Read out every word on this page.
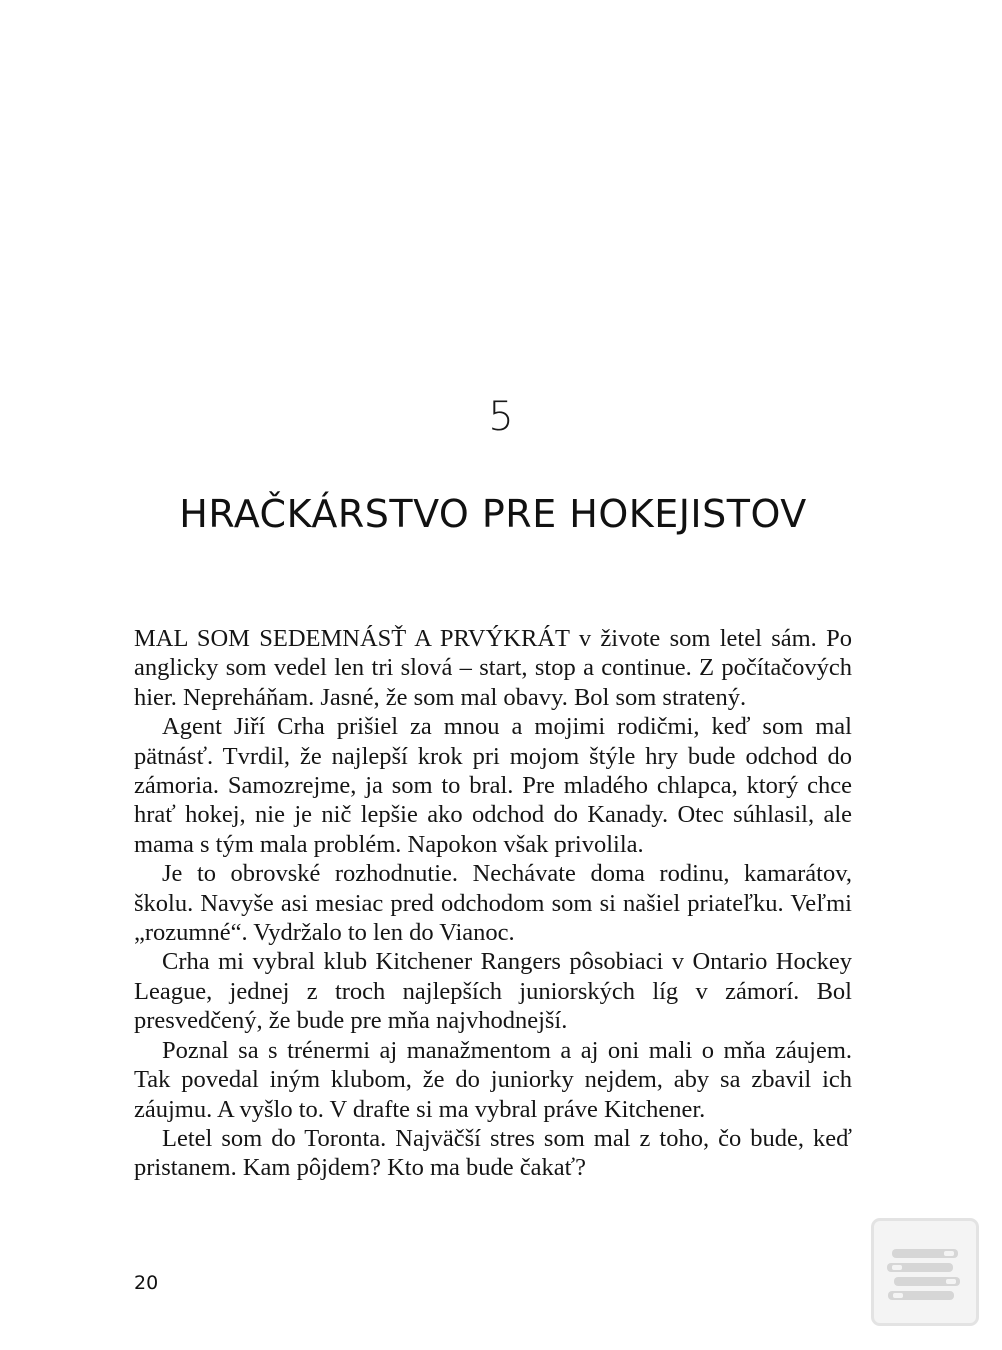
5
HRAČKÁRSTVO PRE HOKEJISTOV

MAL SOM SEDEMNÁSŤ A PRVÝKRÁT v živote som letel sám. Po anglicky som vedel len tri slová – start, stop a continue. Z počítačových hier. Nepreháňam. Jasné, že som mal obavy. Bol som stratený.

Agent Jiří Crha prišiel za mnou a mojimi rodičmi, keď som mal pätnásť. Tvrdil, že najlepší krok pri mojom štýle hry bude odchod do zámoria. Samozrejme, ja som to bral. Pre mladého chlapca, ktorý chce hrať hokej, nie je nič lepšie ako odchod do Kanady. Otec súhlasil, ale mama s tým mala problém. Napokon však privolila.

Je to obrovské rozhodnutie. Nechávate doma rodinu, kamarátov, školu. Navyše asi mesiac pred odchodom som si našiel priateľku. Veľmi „rozumné“. Vydržalo to len do Vianoc.

Crha mi vybral klub Kitchener Rangers pôsobiaci v Ontario Hockey League, jednej z troch najlepších juniorských líg v zámorí. Bol presvedčený, že bude pre mňa najvhodnejší.

Poznal sa s trénermi aj manažmentom a aj oni mali o mňa záujem. Tak povedal iným klubom, že do juniorky nejdem, aby sa zbavil ich záujmu. A vyšlo to. V drafte si ma vybral práve Kitchener.

Letel som do Toronta. Najväčší stres som mal z toho, čo bude, keď pristanem. Kam pôjdem? Kto ma bude čakať?

20
